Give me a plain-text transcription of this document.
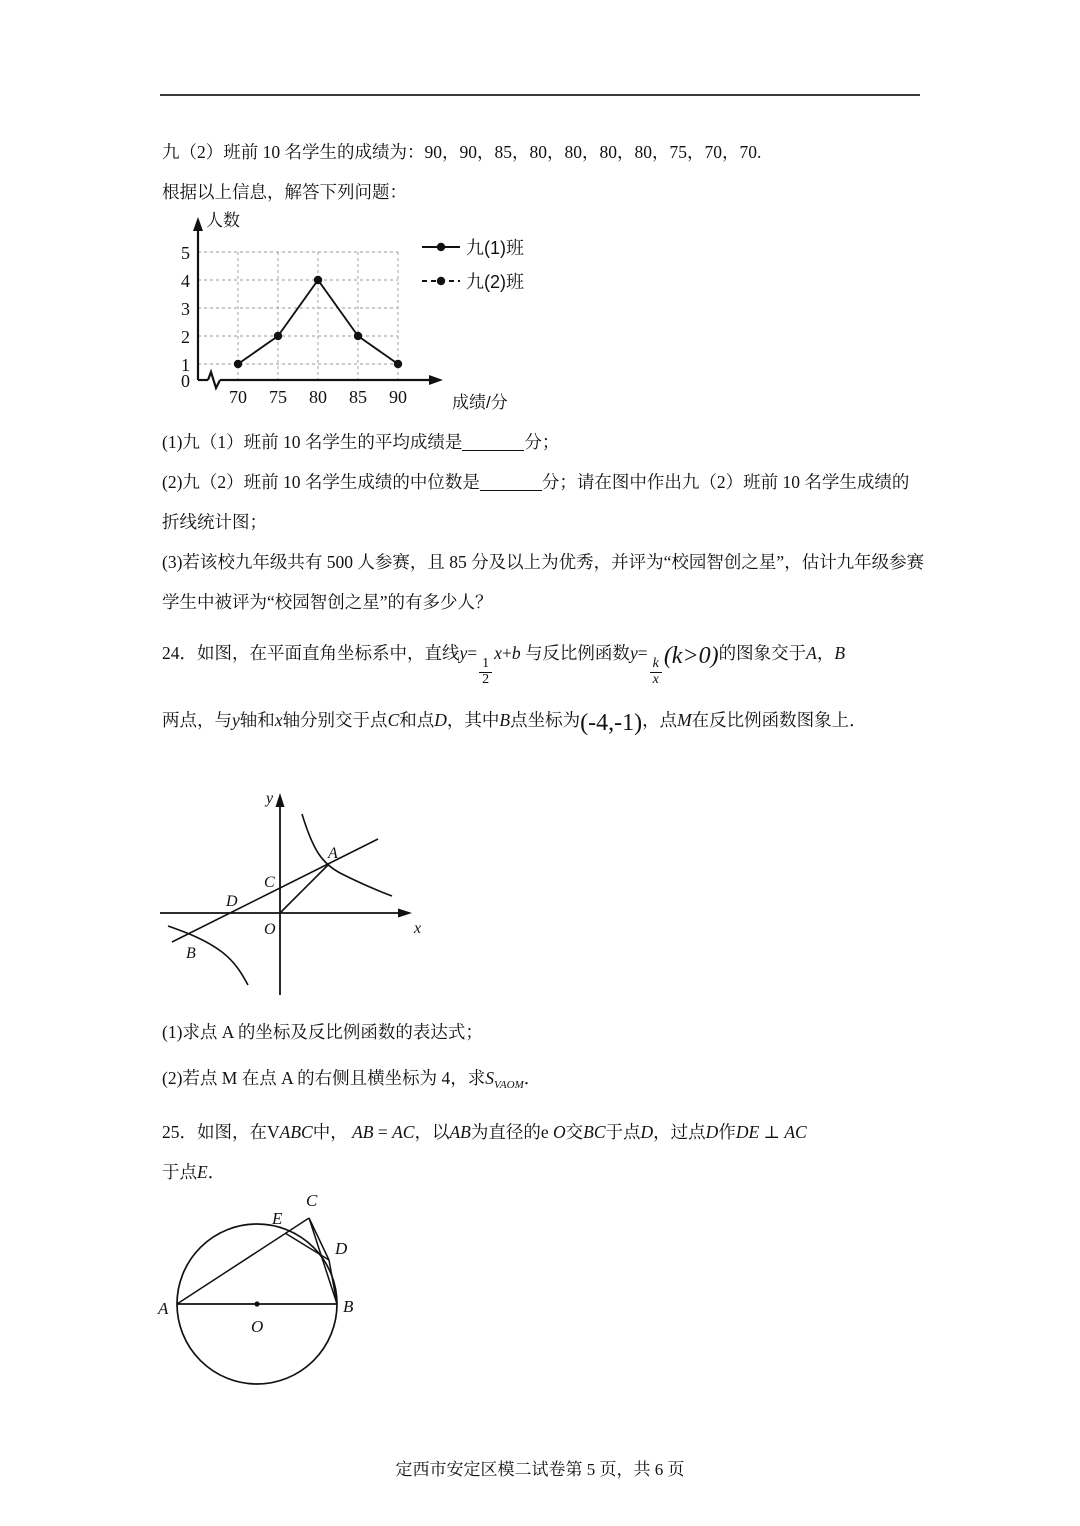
九（2）班前 10 名学生的成绩为：90，90，85，80，80，80，80，75，70，70.
根据以上信息，解答下列问题：
0
1
2
3
4
5
70 75 80 85 90
人数
成绩/分
九(1)班
九(2)班
(1)九（1）班前 10 名学生的平均成绩是	分；
(2)九（2）班前 10 名学生成绩的中位数是	分；请在图中作出九（2）班前 10 名学生成绩的折线统计图；
(3)若该校九年级共有 500 人参赛，且 85 分及以上为优秀，并评为“校园智创之星”，估计九年级参赛学生中被评为“校园智创之星”的有多少人？
24．如图，在平面直角坐标系中，直线y=
$\frac{1}{2}$
x+b 与反比例函数y=
$\frac{k}{x}$
(k>0)的图象交于A，B
两点，与y轴和x轴分别交于点C和点D，其中B点坐标为(-4,-1)，点M在反比例函数图象上．
y
x
O
A
B
C
D
(1)求点 A 的坐标及反比例函数的表达式；
(2)若点 M 在点 A 的右侧且横坐标为 4，求$S_{VAOM}$．
25．如图，在VABC中， AB = AC，以AB为直径的e O交BC于点D，过点D作DE ⊥ AC
于点E．
A	B
C
D
E
O
定西市安定区模二试卷第 5 页，共 6 页
